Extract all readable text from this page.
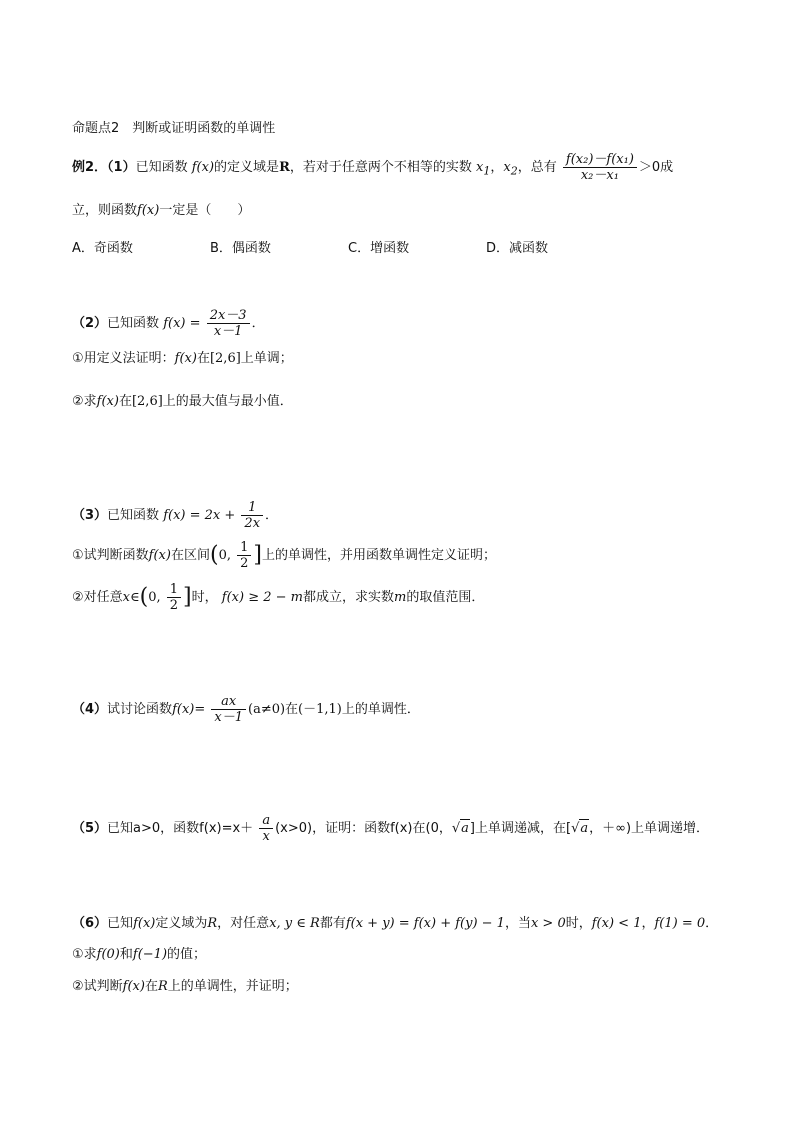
命题点2　判断或证明函数的单调性
例2．（1）已知函数 f(x)的定义域是R，若对于任意两个不相等的实数 $x_1$，$x_2$，总有 $\frac{\text{f(x₂)－f(x₁)}}{\text{x₂－x₁}} >0$成
立，则函数f(x)一定是（　　）
A．奇函数	B．偶函数	C．增函数	D．减函数
（2）已知函数 $f(x) = \frac{2x-3}{x-1}$ ．
①用定义法证明：f(x)在[2,6]上单调；
②求f(x)在[2,6]上的最大值与最小值．
（3）已知函数 $f(x) = 2x + \frac{1}{2x}$ ．
①试判断函数f(x)在区间(0, $\frac{1}{2}$ ]上的单调性，并用函数单调性定义证明；
②对任意x∈(0, $\frac{1}{2}$ ]时， f(x) ≥ 2 − m都成立，求实数m的取值范围．
（4）试讨论函数$f(x)= \frac{ax}{x-1} (a\ne 0)$在(－1,1)上的单调性．
（5）已知a>0，函数$f(x)=x+ \frac{a}{x} (x>0)$，证明：函数f(x)在(0，√a]上单调递减，在[√a，＋∞)上单调递增．
（6）已知f(x)定义域为R，对任意x, y ∈ R都有f(x + y) = f(x) + f(y) − 1，当x > 0时，f(x) < 1，f(1) = 0．
①求f(0)和f(−1)的值；
②试判断f(x)在R上的单调性，并证明；
